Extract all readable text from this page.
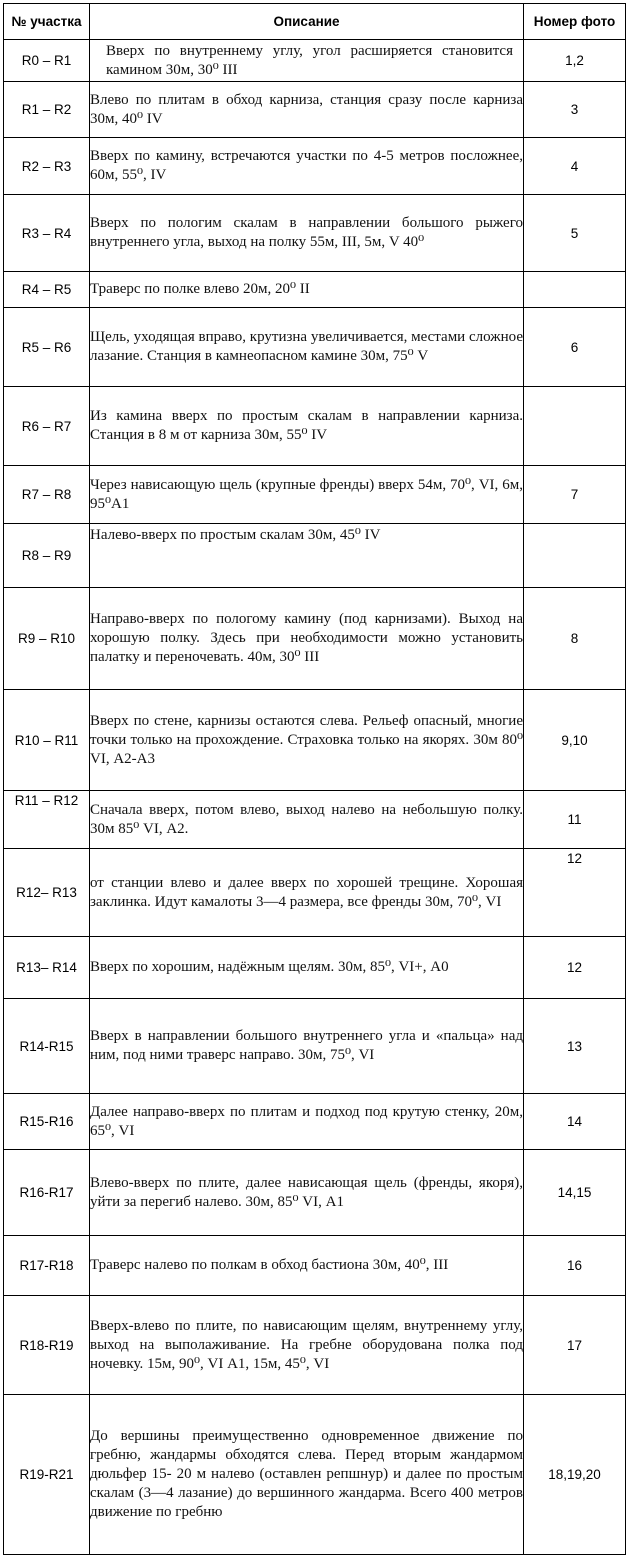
№ участка	Описание	Номер фото
R0 – R1	Вверх по внутреннему углу, угол расширяется становится камином 30м, 30⁰ III	1,2
R1 – R2	Влево по плитам в обход карниза, станция сразу после карниза 30м, 40⁰ IV	3
R2 – R3	Вверх по камину, встречаются участки по 4-5 метров посложнее, 60м, 55⁰, IV	4
R3 – R4	Вверх по пологим скалам в направлении большого рыжего внутреннего угла, выход на полку 55м, III, 5м, V 40⁰	5
R4 – R5	Траверс по полке влево 20м, 20⁰ II	

R5 – R6	Щель, уходящая вправо, крутизна увеличивается, местами сложное лазание. Станция в камнеопасном камине 30м, 75⁰ V	6
R6 – R7	Из камина вверх по простым скалам в направлении карниза. Станция в 8 м от карниза 30м, 55⁰ IV	

R7 – R8	Через нависающую щель (крупные френды) вверх 54м, 70⁰, VI, 6м, 95⁰А1	7
R8 – R9	Налево-вверх по простым скалам 30м, 45⁰ IV	

R9 – R10	Направо-вверх по пологому камину (под карнизами). Выход на хорошую полку. Здесь при необходимости можно установить палатку и переночевать. 40м, 30⁰ III	8
R10 – R11	Вверх по стене, карнизы остаются слева. Рельеф опасный, многие точки только на прохождение. Страховка только на якорях. 30м 80⁰ VI, А2-А3	9,10
R11 – R12	Сначала вверх, потом влево, выход налево на небольшую полку. 30м 85⁰ VI, А2.	11
R12– R13	от станции влево и далее вверх по хорошей трещине. Хорошая заклинка. Идут камалоты 3—4 размера, все френды 30м, 70⁰, VI	12
R13– R14	Вверх по хорошим, надёжным щелям. 30м, 85⁰, VI+, А0	12
R14-R15	Вверх в направлении большого внутреннего угла и «пальца» над ним, под ними траверс направо. 30м, 75⁰, VI	13
R15-R16	Далее направо-вверх по плитам и подход под крутую стенку, 20м, 65⁰, VI	14
R16-R17	Влево-вверх по плите, далее нависающая щель (френды, якоря), уйти за перегиб налево. 30м, 85⁰ VI, А1	14,15
R17-R18	Траверс налево по полкам в обход бастиона 30м, 40⁰, III	16
R18-R19	Вверх-влево по плите, по нависающим щелям, внутреннему углу, выход на выполаживание. На гребне оборудована полка под ночевку. 15м, 90⁰, VI А1, 15м, 45⁰, VI	17
R19-R21	До вершины преимущественно одновременное движение по гребню, жандармы обходятся слева. Перед вторым жандармом дюльфер 15- 20 м налево (оставлен репшнур) и далее по простым скалам (3—4 лазание) до вершинного жандарма. Всего 400 метров движение по гребню	18,19,20
